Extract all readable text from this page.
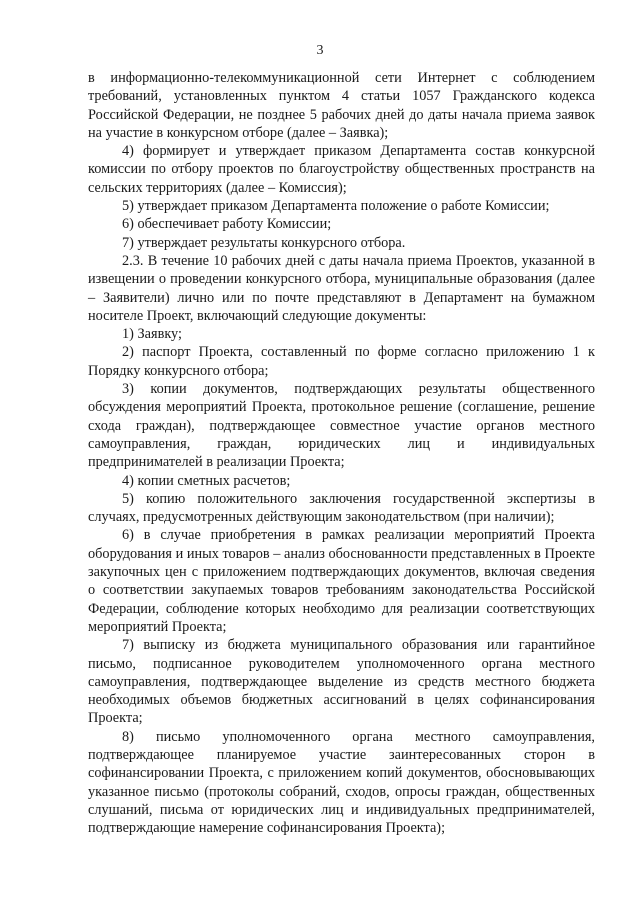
3

в информационно-телекоммуникационной сети Интернет с соблюдением требований, установленных пунктом 4 статьи 1057 Гражданского кодекса Российской Федерации, не позднее 5 рабочих дней до даты начала приема заявок на участие в конкурсном отборе (далее – Заявка);

4) формирует и утверждает приказом Департамента состав конкурсной комиссии по отбору проектов по благоустройству общественных пространств на сельских территориях (далее – Комиссия);

5) утверждает приказом Департамента положение о работе Комиссии;

6) обеспечивает работу Комиссии;

7) утверждает результаты конкурсного отбора.

2.3. В течение 10 рабочих дней с даты начала приема Проектов, указанной в извещении о проведении конкурсного отбора, муниципальные образования (далее – Заявители) лично или по почте представляют в Департамент на бумажном носителе Проект, включающий следующие документы:

1) Заявку;

2) паспорт Проекта, составленный по форме согласно приложению 1 к Порядку конкурсного отбора;

3) копии документов, подтверждающих результаты общественного обсуждения мероприятий Проекта, протокольное решение (соглашение, решение схода граждан), подтверждающее совместное участие органов местного самоуправления, граждан, юридических лиц и индивидуальных предпринимателей в реализации Проекта;

4) копии сметных расчетов;

5) копию положительного заключения государственной экспертизы в случаях, предусмотренных действующим законодательством (при наличии);

6) в случае приобретения в рамках реализации мероприятий Проекта оборудования и иных товаров – анализ обоснованности представленных в Проекте закупочных цен с приложением подтверждающих документов, включая сведения о соответствии закупаемых товаров требованиям законодательства Российской Федерации, соблюдение которых необходимо для реализации соответствующих мероприятий Проекта;

7) выписку из бюджета муниципального образования или гарантийное письмо, подписанное руководителем уполномоченного органа местного самоуправления, подтверждающее выделение из средств местного бюджета необходимых объемов бюджетных ассигнований в целях софинансирования Проекта;

8) письмо уполномоченного органа местного самоуправления, подтверждающее планируемое участие заинтересованных сторон в софинансировании Проекта, с приложением копий документов, обосновывающих указанное письмо (протоколы собраний, сходов, опросы граждан, общественных слушаний, письма от юридических лиц и индивидуальных предпринимателей, подтверждающие намерение софинансирования Проекта);
